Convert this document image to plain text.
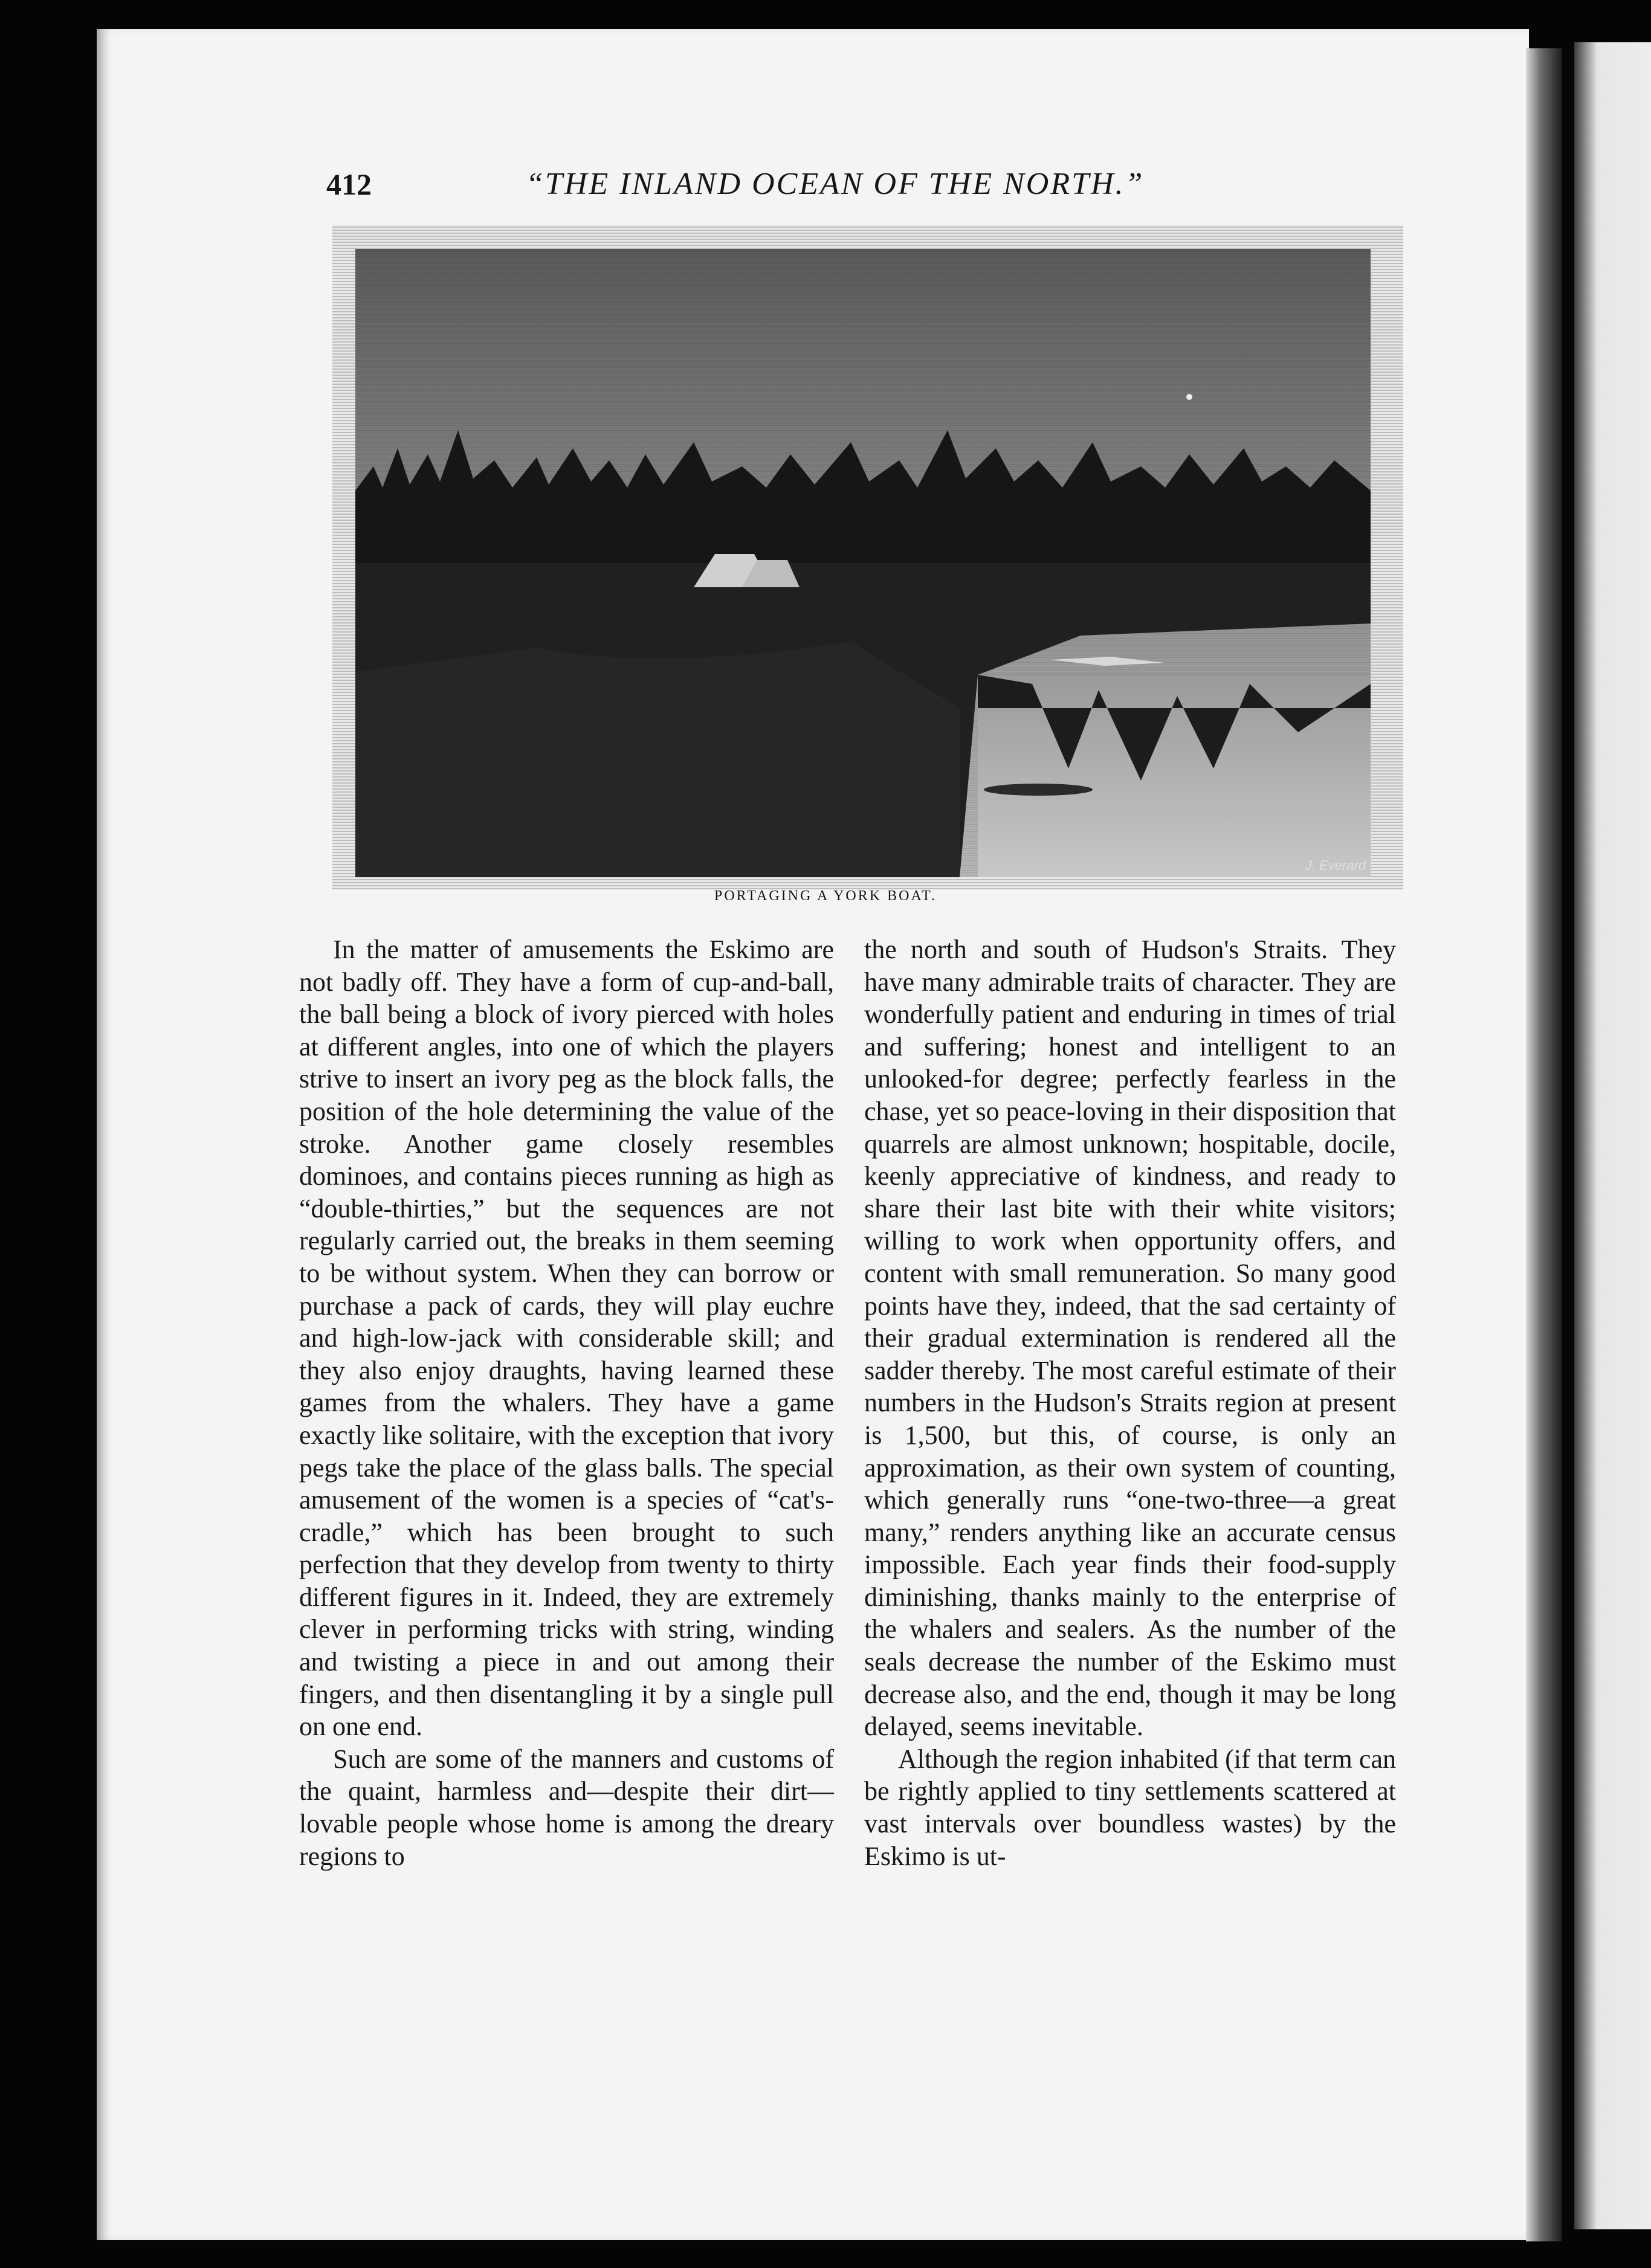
412	“THE INLAND OCEAN OF THE NORTH.”
J. Everard
PORTAGING A YORK BOAT.

In the matter of amusements the Eskimo are not badly off. They have a form of cup-and-ball, the ball being a block of ivory pierced with holes at different angles, into one of which the players strive to insert an ivory peg as the block falls, the position of the hole determining the value of the stroke. Another game closely resembles dominoes, and contains pieces running as high as “double-thirties,” but the sequences are not regularly carried out, the breaks in them seeming to be without system. When they can borrow or purchase a pack of cards, they will play euchre and high-low-jack with considerable skill; and they also enjoy draughts, having learned these games from the whalers. They have a game exactly like solitaire, with the exception that ivory pegs take the place of the glass balls. The special amusement of the women is a species of “cat's-cradle,” which has been brought to such perfection that they develop from twenty to thirty different figures in it. Indeed, they are extremely clever in performing tricks with string, winding and twisting a piece in and out among their fingers, and then disentangling it by a single pull on one end.

Such are some of the manners and customs of the quaint, harmless and—despite their dirt—lovable people whose home is among the dreary regions to

the north and south of Hudson's Straits. They have many admirable traits of character. They are wonderfully patient and enduring in times of trial and suffering; honest and intelligent to an unlooked-for degree; perfectly fearless in the chase, yet so peace-loving in their disposition that quarrels are almost unknown; hospitable, docile, keenly appreciative of kindness, and ready to share their last bite with their white visitors; willing to work when opportunity offers, and content with small remuneration. So many good points have they, indeed, that the sad certainty of their gradual extermination is rendered all the sadder thereby. The most careful estimate of their numbers in the Hudson's Straits region at present is 1,500, but this, of course, is only an approximation, as their own system of counting, which generally runs “one-two-three—a great many,” renders anything like an accurate census impossible. Each year finds their food-supply diminishing, thanks mainly to the enterprise of the whalers and sealers. As the number of the seals decrease the number of the Eskimo must decrease also, and the end, though it may be long delayed, seems inevitable.

Although the region inhabited (if that term can be rightly applied to tiny settlements scattered at vast intervals over boundless wastes) by the Eskimo is ut-
